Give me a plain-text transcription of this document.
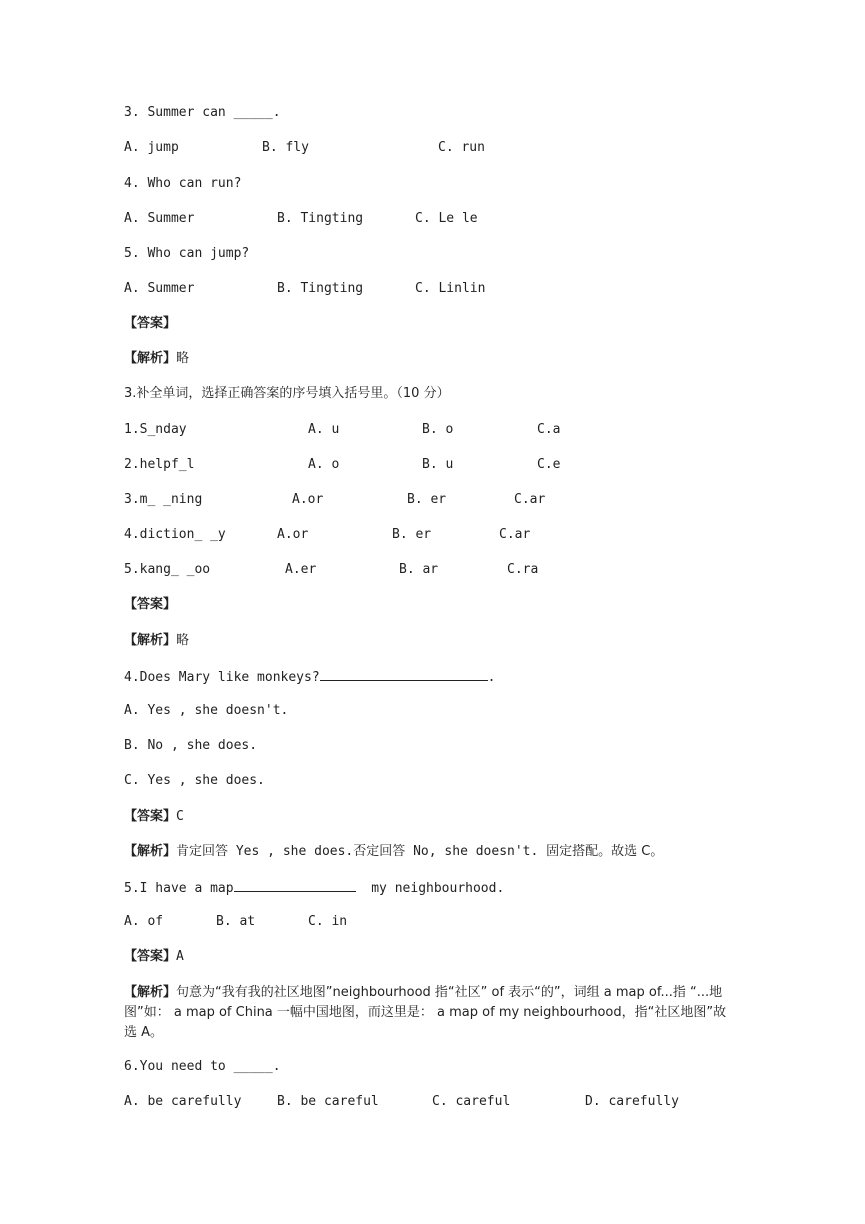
3. Summer can _____.
A. jump	B. fly	C. run
4. Who can run?
A. Summer	B. Tingting	C. Le le
5. Who can jump?
A. Summer	B. Tingting	C. Linlin
【答案】
【解析】略
3.补全单词，选择正确答案的序号填入括号里。（10 分）
1.S_nday	A. u	B. o	C.a
2.helpf_l	A. o	B. u	C.e
3.m_ _ning	A.or	B. er	C.ar
4.diction_ _y	A.or	B. er	C.ar
5.kang_ _oo	A.er	B. ar	C.ra
【答案】
【解析】略
4.Does Mary like monkeys?	.
A. Yes , she doesn't.
B. No , she does.
C. Yes , she does.
【答案】C
【解析】肯定回答 Yes , she does.否定回答 No, she doesn't. 固定搭配。故选 C。
5.I have a map	my neighbourhood.
A. of	B. at	C. in
【答案】A
【解析】句意为“我有我的社区地图”neighbourhood 指“社区” of 表示“的”，词组 a map of...指 “...地图”如： a map of China 一幅中国地图，而这里是： a map of my neighbourhood，指“社区地图”故选 A。
6.You need to _____.
A. be carefully	B. be careful	C. careful	D. carefully
